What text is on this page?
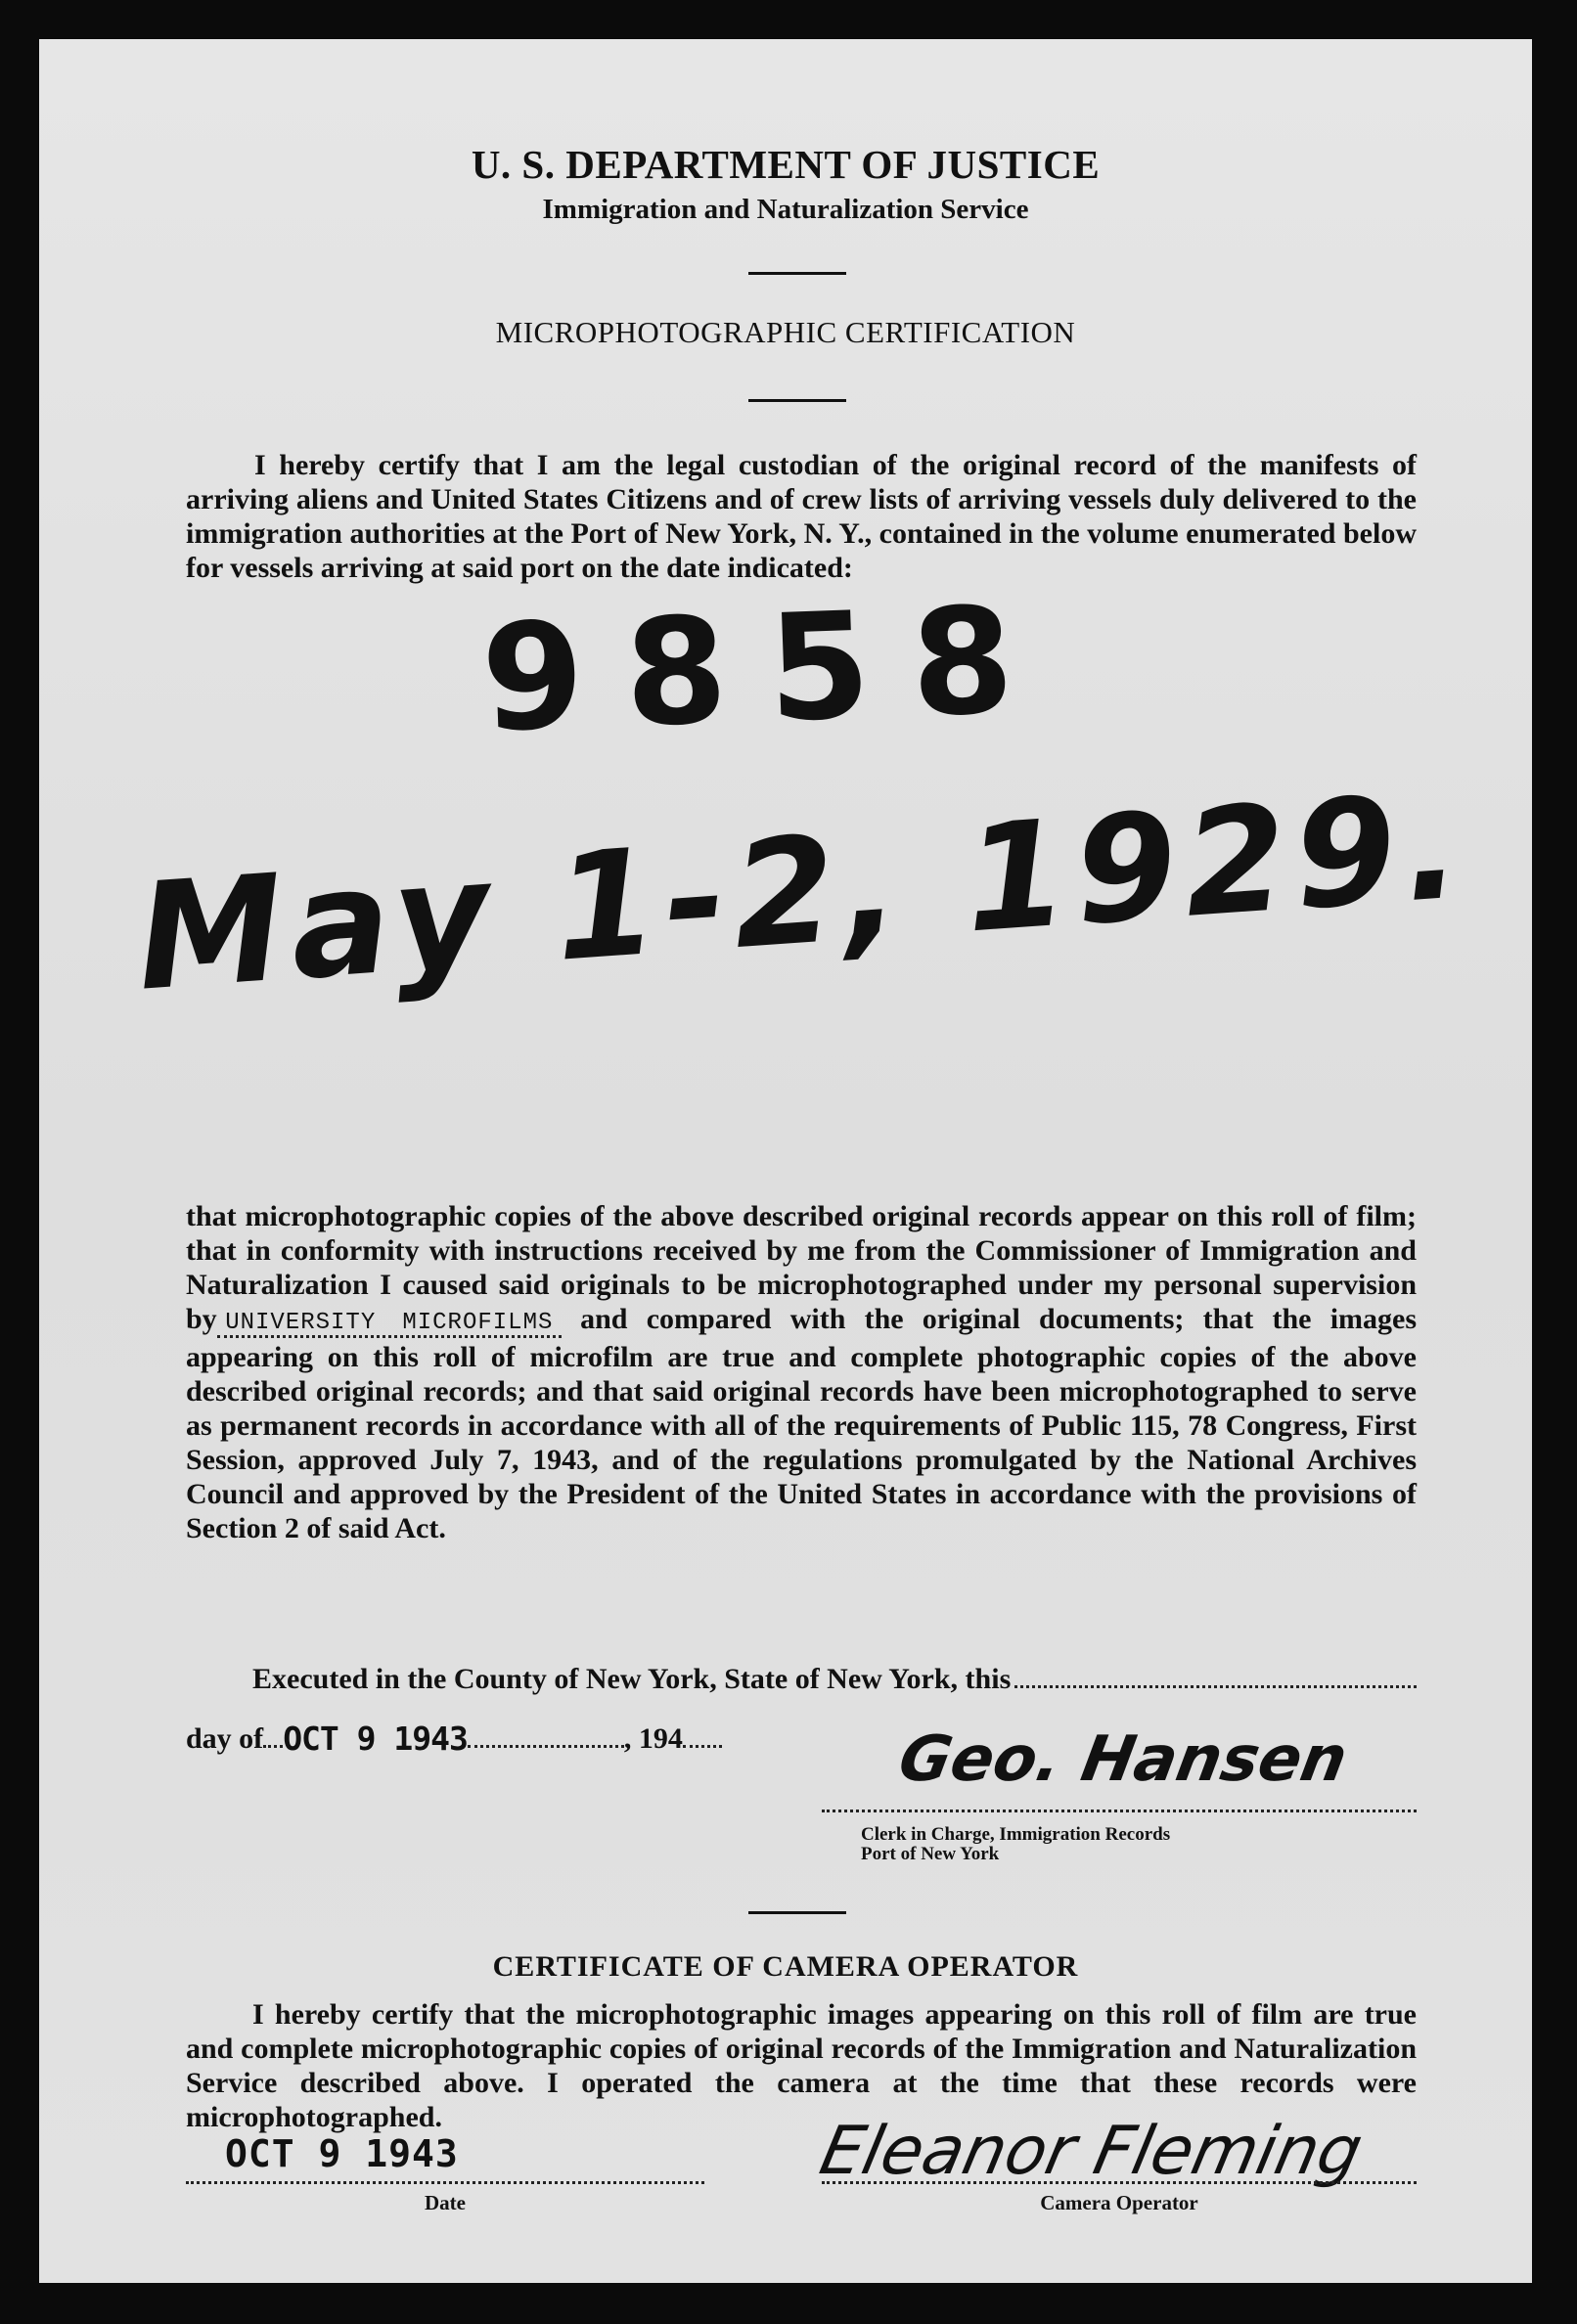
U. S. DEPARTMENT OF JUSTICE
Immigration and Naturalization Service
MICROPHOTOGRAPHIC CERTIFICATION
I hereby certify that I am the legal custodian of the original record of the manifests of arriving aliens and United States Citizens and of crew lists of arriving vessels duly delivered to the immigration authorities at the Port of New York, N. Y., contained in the volume enumerated below for vessels arriving at said port on the date indicated:
9858
May 1-2, 1929.
that microphotographic copies of the above described original records appear on this roll of film; that in conformity with instructions received by me from the Commissioner of Immigration and Naturalization I caused said originals to be microphotographed under my personal supervision by  UNIVERSITY MICROFILMS  and compared with the original documents; that the images appearing on this roll of microfilm are true and complete photographic copies of the above described original records; and that said original records have been microphotographed to serve as permanent records in accordance with all of the requirements of Public 115, 78 Congress, First Session, approved July 7, 1943, and of the regulations promulgated by the National Archives Council and approved by the President of the United States in accordance with the provisions of Section 2 of said Act.
Executed in the County of New York, State of New York, this
day of OCT 9 1943	, 194	Geo. Hansen
Clerk in Charge, Immigration Records
Port of New York
CERTIFICATE OF CAMERA OPERATOR
I hereby certify that the microphotographic images appearing on this roll of film are true and complete microphotographic copies of original records of the Immigration and Naturalization Service described above. I operated the camera at the time that these records were microphotographed.
OCT 9 1943
Date
Eleanor Fleming
Camera Operator
